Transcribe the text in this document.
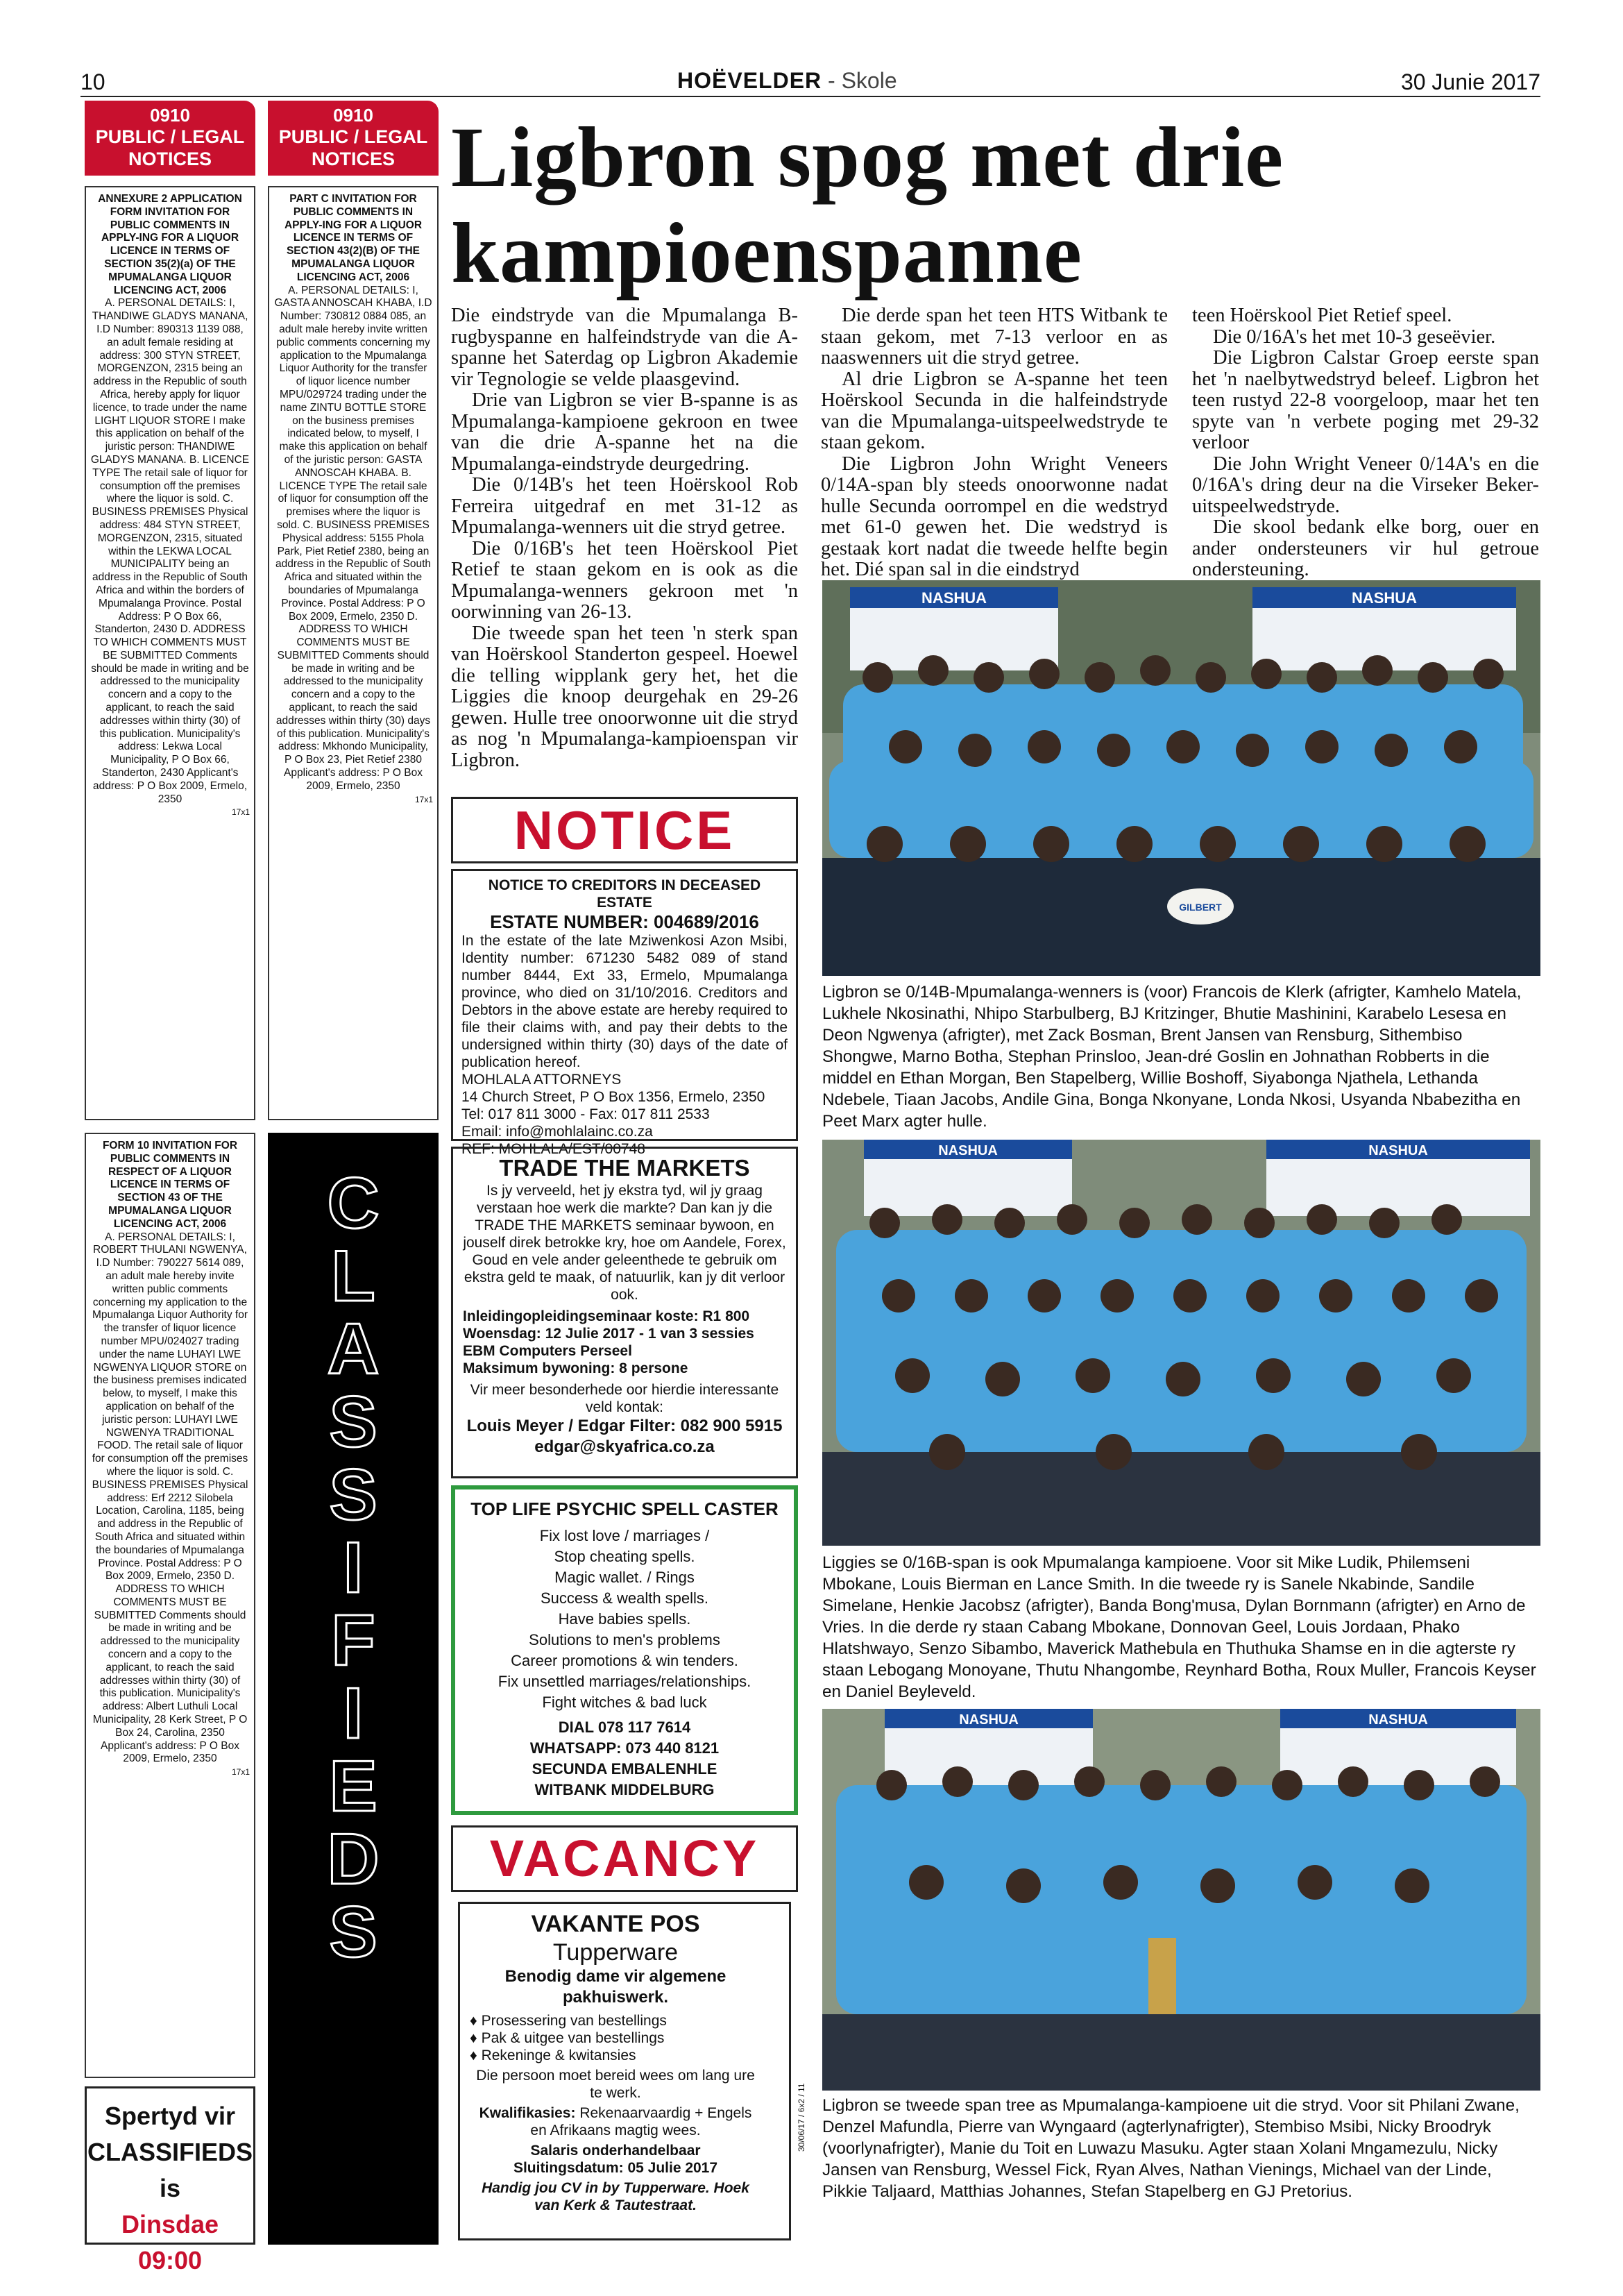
10	HOËVELDER - Skole	30 Junie 2017
0910
PUBLIC / LEGAL NOTICES

ANNEXURE 2 APPLICATION FORM INVITATION FOR PUBLIC COMMENTS IN APPLY-ING FOR A LIQUOR LICENCE IN TERMS OF SECTION 35(2)(a) OF THE MPUMALANGA LIQUOR LICENCING ACT, 2006

A. PERSONAL DETAILS: I, THANDIWE GLADYS MANANA, I.D Number: 890313 1139 088, an adult female residing at address: 300 STYN STREET, MORGENZON, 2315 being an address in the Republic of south Africa, hereby apply for liquor licence, to trade under the name LIGHT LIQUOR STORE I make this application on behalf of the juristic person: THANDIWE GLADYS MANANA. B. LICENCE TYPE The retail sale of liquor for consumption off the premises where the liquor is sold. C. BUSINESS PREMISES Physical address: 484 STYN STREET, MORGENZON, 2315, situated within the LEKWA LOCAL MUNICIPALITY being an address in the Republic of South Africa and within the borders of Mpumalanga Province. Postal Address: P O Box 66, Standerton, 2430 D. ADDRESS TO WHICH COMMENTS MUST BE SUBMITTED Comments should be made in writing and be addressed to the municipality concern and a copy to the applicant, to reach the said addresses within thirty (30) of this publication. Municipality's address: Lekwa Local Municipality, P O Box 66, Standerton, 2430 Applicant's address: P O Box 2009, Ermelo, 2350

17x1

FORM 10 INVITATION FOR PUBLIC COMMENTS IN RESPECT OF A LIQUOR LICENCE IN TERMS OF SECTION 43 OF THE MPUMALANGA LIQUOR LICENCING ACT, 2006

A. PERSONAL DETAILS: I, ROBERT THULANI NGWENYA, I.D Number: 790227 5614 089, an adult male hereby invite written public comments concerning my application to the Mpumalanga Liquor Authority for the transfer of liquor licence number MPU/024027 trading under the name LUHAYI LWE NGWENYA LIQUOR STORE on the business premises indicated below, to myself, I make this application on behalf of the juristic person: LUHAYI LWE NGWENYA TRADITIONAL FOOD. The retail sale of liquor for consumption off the premises where the liquor is sold. C. BUSINESS PREMISES Physical address: Erf 2212 Silobela Location, Carolina, 1185, being and address in the Republic of South Africa and situated within the boundaries of Mpumalanga Province. Postal Address: P O Box 2009, Ermelo, 2350 D. ADDRESS TO WHICH COMMENTS MUST BE SUBMITTED Comments should be made in writing and be addressed to the municipality concern and a copy to the applicant, to reach the said addresses within thirty (30) of this publication. Municipality's address: Albert Luthuli Local Municipality, 28 Kerk Street, P O Box 24, Carolina, 2350 Applicant's address: P O Box 2009, Ermelo, 2350

17x1

Spertyd vir
CLASSIFIEDS
is
Dinsdae 09:00
0910
PUBLIC / LEGAL NOTICES

PART C INVITATION FOR PUBLIC COMMENTS IN APPLY-ING FOR A LIQUOR LICENCE IN TERMS OF SECTION 43(2)(B) OF THE MPUMALANGA LIQUOR LICENCING ACT, 2006

A. PERSONAL DETAILS: I, GASTA ANNOSCAH KHABA, I.D Number: 730812 0884 085, an adult male hereby invite written public comments concerning my application to the Mpumalanga Liquor Authority for the transfer of liquor licence number MPU/029724 trading under the name ZINTU BOTTLE STORE on the business premises indicated below, to myself, I make this application on behalf of the juristic person: GASTA ANNOSCAH KHABA. B. LICENCE TYPE The retail sale of liquor for consumption off the premises where the liquor is sold. C. BUSINESS PREMISES Physical address: 5155 Phola Park, Piet Retief 2380, being an address in the Republic of South Africa and situated within the boundaries of Mpumalanga Province. Postal Address: P O Box 2009, Ermelo, 2350 D. ADDRESS TO WHICH COMMENTS MUST BE SUBMITTED Comments should be made in writing and be addressed to the municipality concern and a copy to the applicant, to reach the said addresses within thirty (30) days of this publication. Municipality's address: Mkhondo Municipality, P O Box 23, Piet Retief 2380 Applicant's address: P O Box 2009, Ermelo, 2350

17x1

C
L
A
S
S
I
F
I
E
D
S
Ligbron spog met drie kampioenspanne

Die eindstryde van die Mpumalanga B-rugbyspanne en halfeindstryde van die A-spanne het Saterdag op Ligbron Akademie vir Tegnologie se velde plaasgevind.

Drie van Ligbron se vier B-spanne is as Mpumalanga-kampioene gekroon en twee van die drie A-spanne het na die Mpumalanga-eindstryde deurgedring.

Die 0/14B's het teen Hoërskool Rob Ferreira uitgedraf en met 31-12 as Mpumalanga-wenners uit die stryd getree.

Die 0/16B's het teen Hoërskool Piet Retief te staan gekom en is ook as die Mpumalanga-wenners gekroon met 'n oorwinning van 26-13.

Die tweede span het teen 'n sterk span van Hoërskool Standerton gespeel. Hoewel die telling wipplank gery het, het die Liggies die knoop deurgehak en 29-26 gewen. Hulle tree onoorwonne uit die stryd as nog 'n Mpumalanga-kampioenspan vir Ligbron.

Die derde span het teen HTS Witbank te staan gekom, met 7-13 verloor en as naaswenners uit die stryd getree.

Al drie Ligbron se A-spanne het teen Hoërskool Secunda in die halfeindstryde van die Mpumalanga-uitspeelwedstryde te staan gekom.

Die Ligbron John Wright Veneers 0/14A-span bly steeds onoorwonne nadat hulle Secunda oorrompel en die wedstryd met 61-0 gewen het. Die wedstryd is gestaak kort nadat die tweede helfte begin het. Dié span sal in die eindstryd

teen Hoërskool Piet Retief speel.

Die 0/16A's het met 10-3 geseëvier.

Die Ligbron Calstar Groep eerste span het 'n naelbytwedstryd beleef. Ligbron het teen rustyd 22-8 voorgeloop, maar het ten spyte van 'n verbete poging met 29-32 verloor

Die John Wright Veneer 0/14A's en die 0/16A's dring deur na die Virseker Beker-uitspeelwedstryde.

Die skool bedank elke borg, ouer en ander ondersteuners vir hul getroue ondersteuning.

NASHUA	NASHUA
GILBERT
Ligbron se 0/14B-Mpumalanga-wenners is (voor) Francois de Klerk (afrigter, Kamhelo Matela, Lukhele Nkosinathi, Nhipo Starbulberg, BJ Kritzinger, Bhutie Mashinini, Karabelo Lesesa en Deon Ngwenya (afrigter), met Zack Bosman, Brent Jansen van Rensburg, Sithembiso Shongwe, Marno Botha, Stephan Prinsloo, Jean-dré Goslin en Johnathan Robberts in die middel en Ethan Morgan, Ben Stapelberg, Willie Boshoff, Siyabonga Njathela, Lethanda Ndebele, Tiaan Jacobs, Andile Gina, Bonga Nkonyane, Londa Nkosi, Usyanda Nbabezitha en Peet Marx agter hulle.
NASHUA	NASHUA
Liggies se 0/16B-span is ook Mpumalanga kampioene. Voor sit Mike Ludik, Philemseni Mbokane, Louis Bierman en Lance Smith. In die tweede ry is Sanele Nkabinde, Sandile Simelane, Henkie Jacobsz (afrigter), Banda Bong'musa, Dylan Bornmann (afrigter) en Arno de Vries. In die derde ry staan Cabang Mbokane, Donnovan Geel, Louis Jordaan, Phako Hlatshwayo, Senzo Sibambo, Maverick Mathebula en Thuthuka Shamse en in die agterste ry staan Lebogang Monoyane, Thutu Nhangombe, Reynhard Botha, Roux Muller, Francois Keyser en Daniel Beyleveld.
NASHUA	NASHUA
Ligbron se tweede span tree as Mpumalanga-kampioene uit die stryd. Voor sit Philani Zwane, Denzel Mafundla, Pierre van Wyngaard (agterlynafrigter), Stembiso Msibi, Nicky Broodryk (voorlynafrigter), Manie du Toit en Luwazu Masuku. Agter staan Xolani Mngamezulu, Nicky Jansen van Rensburg, Wessel Fick, Ryan Alves, Nathan Vienings, Michael van der Linde, Pikkie Taljaard, Matthias Johannes, Stefan Stapelberg en GJ Pretorius.
NOTICE
NOTICE TO CREDITORS IN DECEASED ESTATE
ESTATE NUMBER: 004689/2016
In the estate of the late Mziwenkosi Azon Msibi, Identity number: 671230 5482 089 of stand number 8444, Ext 33, Ermelo, Mpumalanga province, who died on 31/10/2016. Creditors and Debtors in the above estate are hereby required to file their claims with, and pay their debts to the undersigned within thirty (30) days of the date of publication hereof.
MOHLALA ATTORNEYS
14 Church Street, P O Box 1356, Ermelo, 2350
Tel: 017 811 3000 - Fax: 017 811 2533
Email: info@mohlalainc.co.za
REF: MOHLALA/EST/00748
TRADE THE MARKETS
Is jy verveeld, het jy ekstra tyd, wil jy graag verstaan hoe werk die markte? Dan kan jy die TRADE THE MARKETS seminaar bywoon, en jouself direk betrokke kry, hoe om Aandele, Forex, Goud en vele ander geleenthede te gebruik om ekstra geld te maak, of natuurlik, kan jy dit verloor ook.
Inleidingopleidingseminaar koste: R1 800
Woensdag: 12 Julie 2017 - 1 van 3 sessies
EBM Computers Perseel
Maksimum bywoning: 8 persone
Vir meer besonderhede oor hierdie interessante veld kontak:
Louis Meyer / Edgar Filter: 082 900 5915
edgar@skyafrica.co.za
TOP LIFE PSYCHIC SPELL CASTER
Fix lost love / marriages /
Stop cheating spells.
Magic wallet. / Rings
Success & wealth spells.
Have babies spells.
Solutions to men's problems
Career promotions & win tenders.
Fix unsettled marriages/relationships.
Fight witches & bad luck
DIAL 078 117 7614
WHATSAPP: 073 440 8121
SECUNDA EMBALENHLE
WITBANK MIDDELBURG
VACANCY
VAKANTE POS
Tupperware
Benodig dame vir algemene pakhuiswerk.
♦ Prosessering van bestellings
♦ Pak & uitgee van bestellings
♦ Rekeninge & kwitansies
Die persoon moet bereid wees om lang ure te werk.
Kwalifikasies: Rekenaarvaardig + Engels en Afrikaans magtig wees.
Salaris onderhandelbaar
Sluitingsdatum: 05 Julie 2017
Handig jou CV in by Tupperware. Hoek van Kerk & Tautestraat.
30/06/17 / 6x2 / 11
